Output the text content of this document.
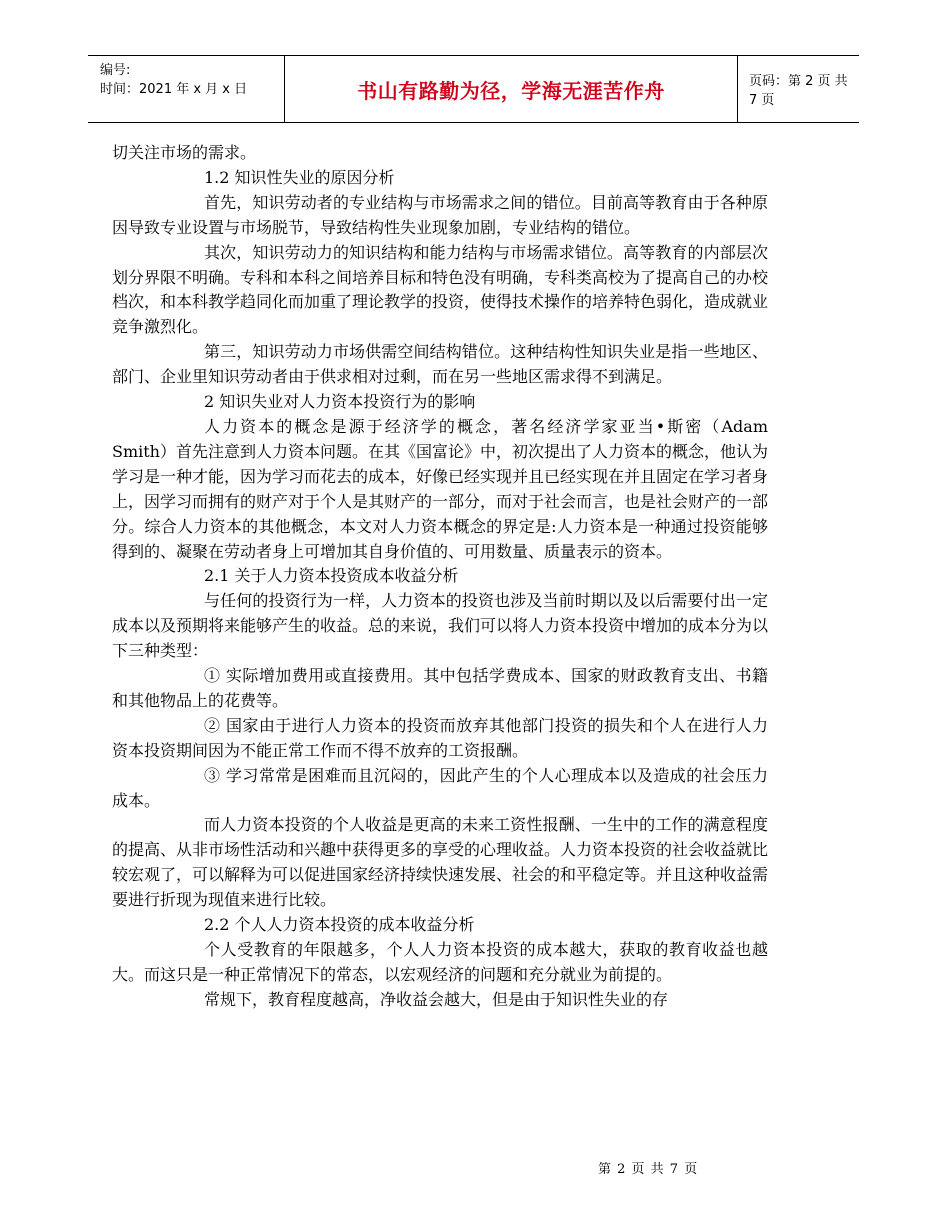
编号:
时间：2021 年 x 月 x 日	书山有路勤为径，学海无涯苦作舟	页码：第 2 页 共 7 页

切关注市场的需求。

1.2 知识性失业的原因分析

首先，知识劳动者的专业结构与市场需求之间的错位。目前高等教育由于各种原因导致专业设置与市场脱节，导致结构性失业现象加剧，专业结构的错位。

其次，知识劳动力的知识结构和能力结构与市场需求错位。高等教育的内部层次划分界限不明确。专科和本科之间培养目标和特色没有明确，专科类高校为了提高自己的办校档次，和本科教学趋同化而加重了理论教学的投资，使得技术操作的培养特色弱化，造成就业竞争激烈化。

第三，知识劳动力市场供需空间结构错位。这种结构性知识失业是指一些地区、部门、企业里知识劳动者由于供求相对过剩，而在另一些地区需求得不到满足。

2 知识失业对人力资本投资行为的影响

人力资本的概念是源于经济学的概念，著名经济学家亚当•斯密（Adam Smith）首先注意到人力资本问题。在其《国富论》中，初次提出了人力资本的概念，他认为学习是一种才能，因为学习而花去的成本，好像已经实现并且已经实现在并且固定在学习者身上，因学习而拥有的财产对于个人是其财产的一部分，而对于社会而言，也是社会财产的一部分。综合人力资本的其他概念，本文对人力资本概念的界定是:人力资本是一种通过投资能够得到的、凝聚在劳动者身上可增加其自身价值的、可用数量、质量表示的资本。

2.1 关于人力资本投资成本收益分析

与任何的投资行为一样，人力资本的投资也涉及当前时期以及以后需要付出一定成本以及预期将来能够产生的收益。总的来说，我们可以将人力资本投资中增加的成本分为以下三种类型：

① 实际增加费用或直接费用。其中包括学费成本、国家的财政教育支出、书籍和其他物品上的花费等。

② 国家由于进行人力资本的投资而放弃其他部门投资的损失和个人在进行人力资本投资期间因为不能正常工作而不得不放弃的工资报酬。

③ 学习常常是困难而且沉闷的，因此产生的个人心理成本以及造成的社会压力成本。

而人力资本投资的个人收益是更高的未来工资性报酬、一生中的工作的满意程度的提高、从非市场性活动和兴趣中获得更多的享受的心理收益。人力资本投资的社会收益就比较宏观了，可以解释为可以促进国家经济持续快速发展、社会的和平稳定等。并且这种收益需要进行折现为现值来进行比较。

2.2 个人人力资本投资的成本收益分析

个人受教育的年限越多，个人人力资本投资的成本越大，获取的教育收益也越大。而这只是一种正常情况下的常态，以宏观经济的问题和充分就业为前提的。

常规下，教育程度越高，净收益会越大，但是由于知识性失业的存

第 2 页 共 7 页
